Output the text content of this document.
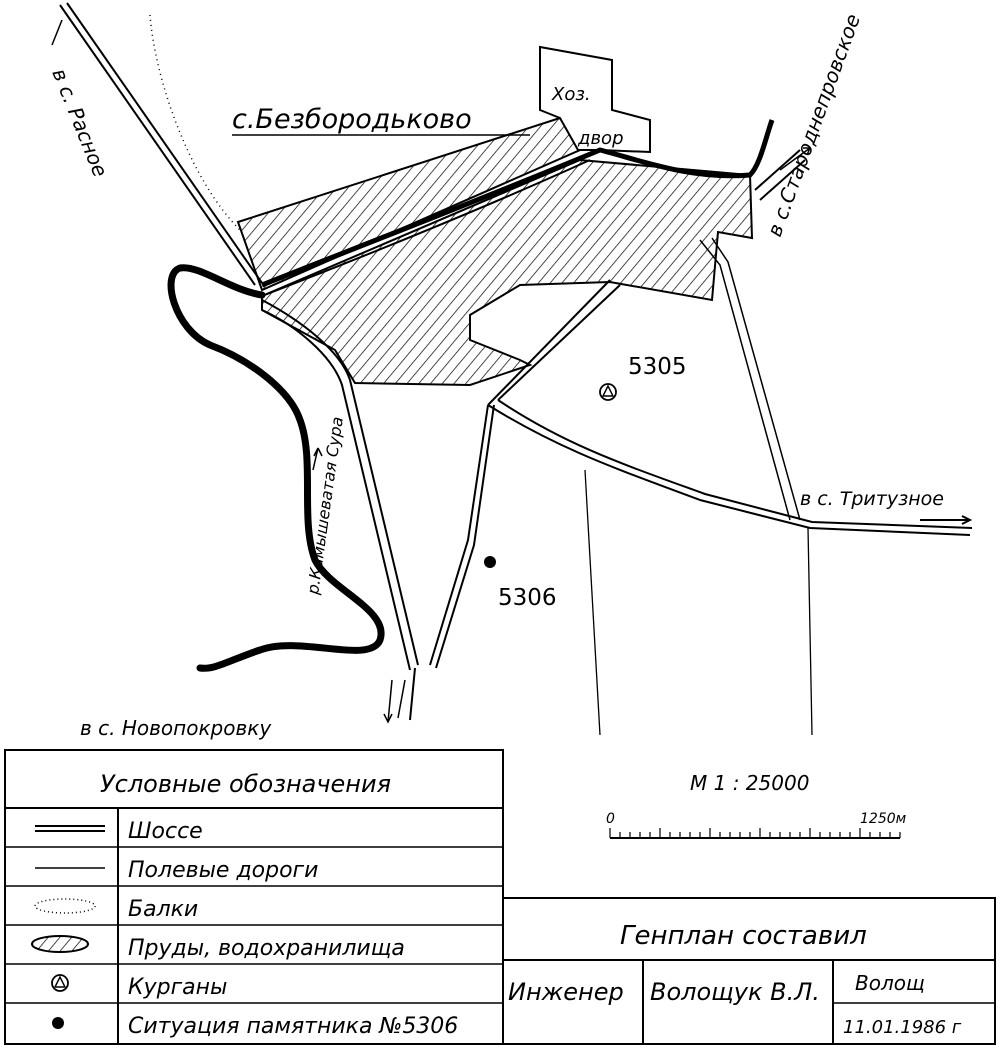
с.Безбородьково
Хоз.
двор
в с. Расное	в с.Староднепровское
в с. Тритузное
в с. Новопокровку
р.Камышеватая Сура
5305
5306
М 1 : 25000
0	1250м
Условные обозначения
Шоссе
Полевые дороги
Балки
Пруды, водохранилища
Курганы
Ситуация памятника №5306
Генплан составил
Инженер Волощук В.Л. Волощ
11.01.1986 г
